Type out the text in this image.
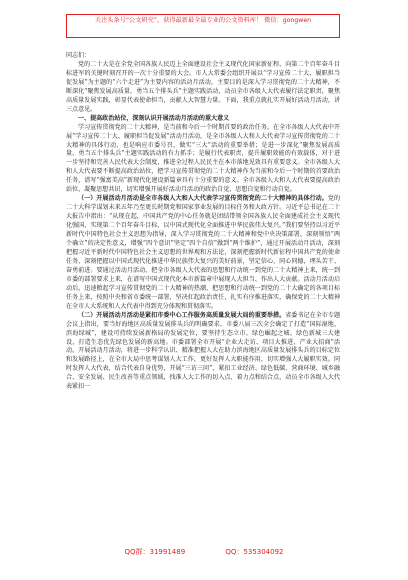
关注头条号“公文研究”，获得最新最全最专业的公文资料库！ 微信：gongwen

同志们：

党的二十大是在全党全国各族人民迈上全面建设社会主义现代化国家新征程、向第二个百年奋斗目标进军的关键时刻召开的一次十分重要的大会。市人大常委会组织开展以“学习宣传二十大、履职担当促发展”为主题的“六个走进”为主要内容的活动月活动，主要目的是深入学习贯彻党的二十大精神，不断深化“聚焦发展高质量，勇当五个排头兵”主题实践活动，动员全市各级人大代表履行法定职责，聚焦高质量发展实践，彰显代表使命担当，贡献人大智慧力量。下面，我重点就扎实开展好活动月活动，讲三点意见。

一、提高政治站位，深刻认识开展活动月活动的重大意义

学习宣传贯彻党的二十大精神，是当前和今后一个时期首要的政治任务。在全市各级人大代表中开展“学习宣传二十大、履职担当促发展”活动月活动，是全市各级人大和人大代表学习宣传贯彻党的二十大精神的具体行动，也是响应市委号召，做实“三大”活动的重要举措；是进一步深化“聚焦发展高质量，勇当五个排头兵”主题实践活动的有力抓手；是履行代表职责，提升履职效能的有效载体，对于进一步坚持和完善人民代表大会制度，推进全过程人民民主在本市落地见效具有重要意义。全市各级人大和人大代表要不断提高政治站位，把学习宣传贯彻党的二十大精神作为当前和今后一个时期的首要政治任务，谱写“强富美高”新现代化建设新篇章具有十分重要的意义。全市各级人大和人大代表要提高政治站位，凝聚思想共识，切实增强开展好活动月活动的政治自觉、思想自觉和行动自觉。

（一）开展活动月活动是全市各级人大和人大代表学习宣传贯彻党的二十大精神的具体行动。党的二十大科学谋划未来五年乃至更长时期党和国家事业发展的目标任务和大政方针。习近平总书记在二十大报告中指出：“从现在起，中国共产党的中心任务就是团结带领全国各族人民全面建成社会主义现代化强国、实现第二个百年奋斗目标，以中国式现代化全面推进中华民族伟大复兴。”我们要坚持以习近平新时代中国特色社会主义思想为指导，深入学习贯彻党的二十大精神和党中央决策部署，深刻领悟“两个确立”的决定性意义，增强“四个意识”坚定“四个自信”做到“两个维护”，通过开展活动月活动，深刻把握习近平新时代中国特色社会主义思想的世界观和方法论，深刻把握新时代新征程中国共产党的使命任务，深刻把握以中国式现代化推进中华民族伟大复兴的美好前景，坚定信心、同心同德，埋头苦干、奋勇前进。要通过活动月活动，把全市各级人大代表的思想和行动统一到党的二十大精神上来，统一到市委的部署要求上来，在谱写中国式现代化本市新篇章中展现人大担当、作出人大贡献。活动月活动启动后，迅速掀起学习宣传贯彻党的二十大精神的热潮，把思想和行动统一到党的二十大确定的各项目标任务上来，按照中央和省市委统一部署，坚决扛起政治责任，扎实有序推进落实，确保党的二十大精神在全市人大系统和人大代表中得到充分体现和贯彻落实。

（二）开展活动月活动是紧扣市委中心工作服务高质量发展大局的重要举措。省委书记在全市专题会议上指出，要当好海地区高质量发展排头兵的明确要求。市委八届三次全会确定了打造“国际湿地、滨海绿城”，建设可持续发展新格局的发展定位，要坚持生态立市、绿色崛起之城、绿色新城三大建设，打造生态优先绿色发展的新高地。市委部署全市开展“企业大走访、项目大推进、产业大招商”活动。开展活动月活动，将进一步科学认识、精准把握人大在助力滨海地区高质量发展排头兵的目标定位和发展路径上，在全市大局中思考谋划人大工作，更好发挥人大职能作用，切实增强人大履职实效。同时发挥人大代表，结合代表自身优势，开展“三访三问”，紧扣工业经济、绿色低碳、营商环境、城乡融合、安全发展、民生改善等重点领域，找准人大工作的切入点、着力点和结合点，动员全市各级人大代表紧扣一

QQ群：31991489	QQ：535304092
